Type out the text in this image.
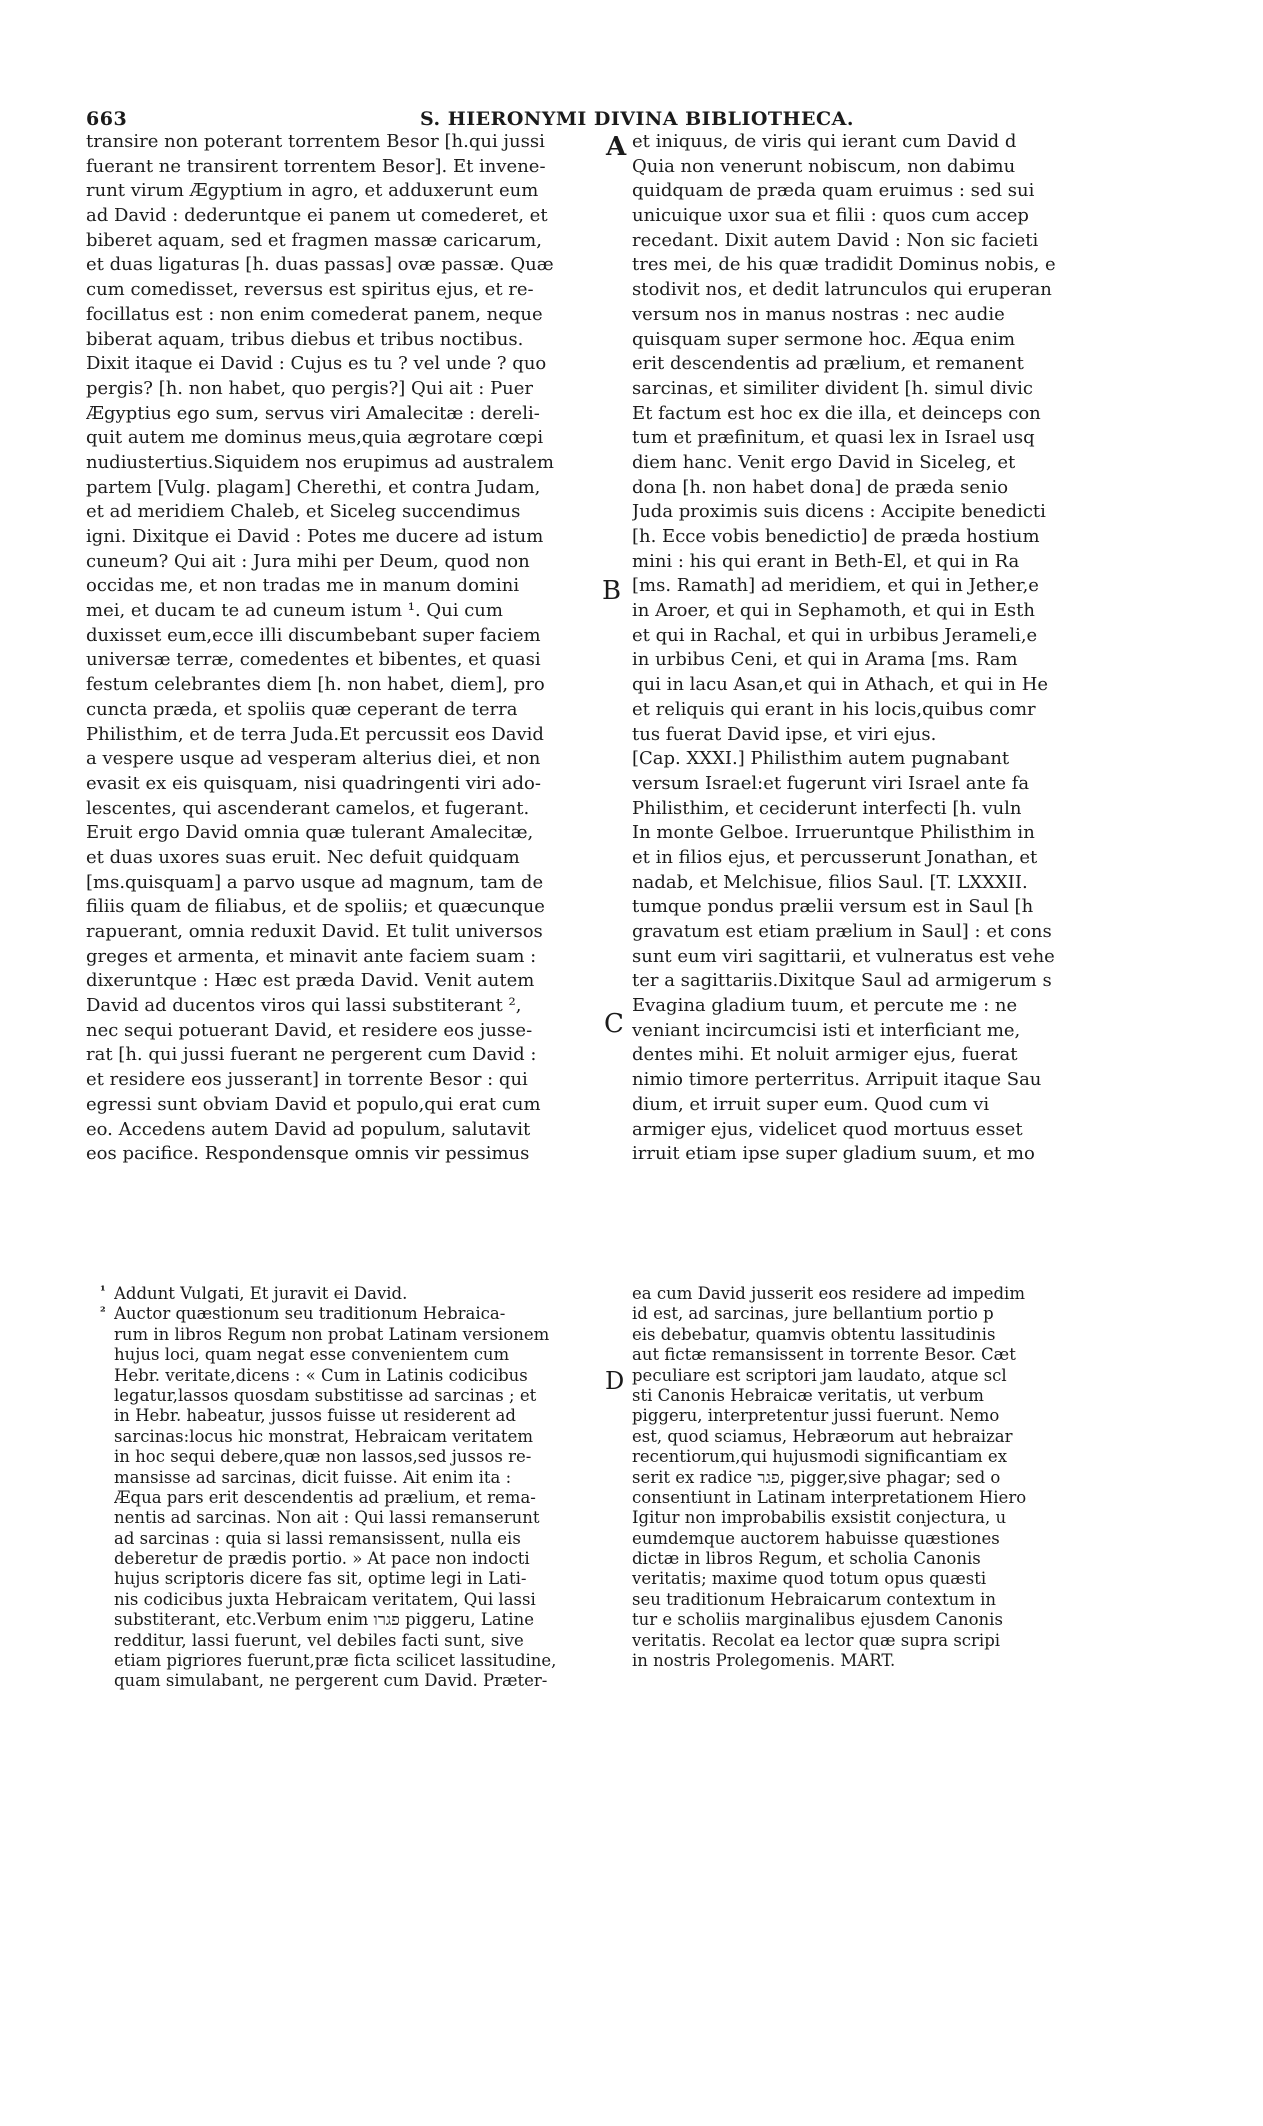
663	S. HIERONYMI DIVINA BIBLIOTHECA.
A
B
C
D
transire non poterant torrentem Besor [h.qui jussi
fuerant ne transirent torrentem Besor]. Et invene-
runt virum Ægyptium in agro, et adduxerunt eum
ad David : dederuntque ei panem ut comederet, et
biberet aquam, sed et fragmen massæ caricarum,
et duas ligaturas [h. duas passas] ovæ passæ. Quæ
cum comedisset, reversus est spiritus ejus, et re-
focillatus est : non enim comederat panem, neque
biberat aquam, tribus diebus et tribus noctibus.
Dixit itaque ei David : Cujus es tu ? vel unde ? quo
pergis? [h. non habet, quo pergis?] Qui ait : Puer
Ægyptius ego sum, servus viri Amalecitæ : dereli-
quit autem me dominus meus,quia ægrotare cœpi
nudiustertius.Siquidem nos erupimus ad australem
partem [Vulg. plagam] Cherethi, et contra Judam,
et ad meridiem Chaleb, et Siceleg succendimus
igni. Dixitque ei David : Potes me ducere ad istum
cuneum? Qui ait : Jura mihi per Deum, quod non
occidas me, et non tradas me in manum domini
mei, et ducam te ad cuneum istum ¹. Qui cum
duxisset eum,ecce illi discumbebant super faciem
universæ terræ, comedentes et bibentes, et quasi
festum celebrantes diem [h. non habet, diem], pro
cuncta præda, et spoliis quæ ceperant de terra
Philisthim, et de terra Juda.Et percussit eos David
a vespere usque ad vesperam alterius diei, et non
evasit ex eis quisquam, nisi quadringenti viri ado-
lescentes, qui ascenderant camelos, et fugerant.
Eruit ergo David omnia quæ tulerant Amalecitæ,
et duas uxores suas eruit. Nec defuit quidquam
[ms.quisquam] a parvo usque ad magnum, tam de
filiis quam de filiabus, et de spoliis; et quæcunque
rapuerant, omnia reduxit David. Et tulit universos
greges et armenta, et minavit ante faciem suam :
dixeruntque : Hæc est præda David. Venit autem
David ad ducentos viros qui lassi substiterant ²,
nec sequi potuerant David, et residere eos jusse-
rat [h. qui jussi fuerant ne pergerent cum David :
et residere eos jusserant] in torrente Besor : qui
egressi sunt obviam David et populo,qui erat cum
eo. Accedens autem David ad populum, salutavit
eos pacifice. Respondensque omnis vir pessimus
et iniquus, de viris qui ierant cum David d
Quia non venerunt nobiscum, non dabimu
quidquam de præda quam eruimus : sed sui
unicuique uxor sua et filii : quos cum accep
recedant. Dixit autem David : Non sic facieti
tres mei, de his quæ tradidit Dominus nobis, e
stodivit nos, et dedit latrunculos qui eruperan
versum nos in manus nostras : nec audie
quisquam super sermone hoc. Æqua enim
erit descendentis ad prælium, et remanent
sarcinas, et similiter divident [h. simul divic
Et factum est hoc ex die illa, et deinceps con
tum et præfinitum, et quasi lex in Israel usq
diem hanc. Venit ergo David in Siceleg, et
dona [h. non habet dona] de præda senio
Juda proximis suis dicens : Accipite benedicti
[h. Ecce vobis benedictio] de præda hostium
mini : his qui erant in Beth-El, et qui in Ra
[ms. Ramath] ad meridiem, et qui in Jether,e
in Aroer, et qui in Sephamoth, et qui in Esth
et qui in Rachal, et qui in urbibus Jerameli,e
in urbibus Ceni, et qui in Arama [ms. Ram
qui in lacu Asan,et qui in Athach, et qui in He
et reliquis qui erant in his locis,quibus comr
tus fuerat David ipse, et viri ejus.
[Cap. XXXI.] Philisthim autem pugnabant
versum Israel:et fugerunt viri Israel ante fa
Philisthim, et ceciderunt interfecti [h. vuln
In monte Gelboe. Irrueruntque Philisthim in
et in filios ejus, et percusserunt Jonathan, et
nadab, et Melchisue, filios Saul. [T. LXXXII.
tumque pondus prælii versum est in Saul [h
gravatum est etiam prælium in Saul] : et cons
sunt eum viri sagittarii, et vulneratus est vehe
ter a sagittariis.Dixitque Saul ad armigerum s
Evagina gladium tuum, et percute me : ne
veniant incircumcisi isti et interficiant me,
dentes mihi. Et noluit armiger ejus, fuerat
nimio timore perterritus. Arripuit itaque Sau
dium, et irruit super eum. Quod cum vi
armiger ejus, videlicet quod mortuus esset
irruit etiam ipse super gladium suum, et mo
¹
²
Addunt Vulgati, Et juravit ei David.
Auctor quæstionum seu traditionum Hebraica-
rum in libros Regum non probat Latinam versionem
hujus loci, quam negat esse convenientem cum
Hebr. veritate,dicens : « Cum in Latinis codicibus
legatur,lassos quosdam substitisse ad sarcinas ; et
in Hebr. habeatur, jussos fuisse ut residerent ad
sarcinas:locus hic monstrat, Hebraicam veritatem
in hoc sequi debere,quæ non lassos,sed jussos re-
mansisse ad sarcinas, dicit fuisse. Ait enim ita :
Æqua pars erit descendentis ad prælium, et rema-
nentis ad sarcinas. Non ait : Qui lassi remanserunt
ad sarcinas : quia si lassi remansissent, nulla eis
deberetur de prædis portio. » At pace non indocti
hujus scriptoris dicere fas sit, optime legi in Lati-
nis codicibus juxta Hebraicam veritatem, Qui lassi
substiterant, etc.Verbum enim פגרו piggeru, Latine
redditur, lassi fuerunt, vel debiles facti sunt, sive
etiam pigriores fuerunt,præ ficta scilicet lassitudine,
quam simulabant, ne pergerent cum David. Præter-
ea cum David jusserit eos residere ad impedim
id est, ad sarcinas, jure bellantium portio p
eis debebatur, quamvis obtentu lassitudinis
aut fictæ remansissent in torrente Besor. Cæt
peculiare est scriptori jam laudato, atque scl
sti Canonis Hebraicæ veritatis, ut verbum
piggeru, interpretentur jussi fuerunt. Nemo
est, quod sciamus, Hebræorum aut hebraizar
recentiorum,qui hujusmodi significantiam ex
serit ex radice פגר, pigger,sive phagar; sed o
consentiunt in Latinam interpretationem Hiero
Igitur non improbabilis exsistit conjectura, u
eumdemque auctorem habuisse quæstiones
dictæ in libros Regum, et scholia Canonis
veritatis; maxime quod totum opus quæsti
seu traditionum Hebraicarum contextum in
tur e scholiis marginalibus ejusdem Canonis
veritatis. Recolat ea lector quæ supra scripi
in nostris Prolegomenis. MART.
